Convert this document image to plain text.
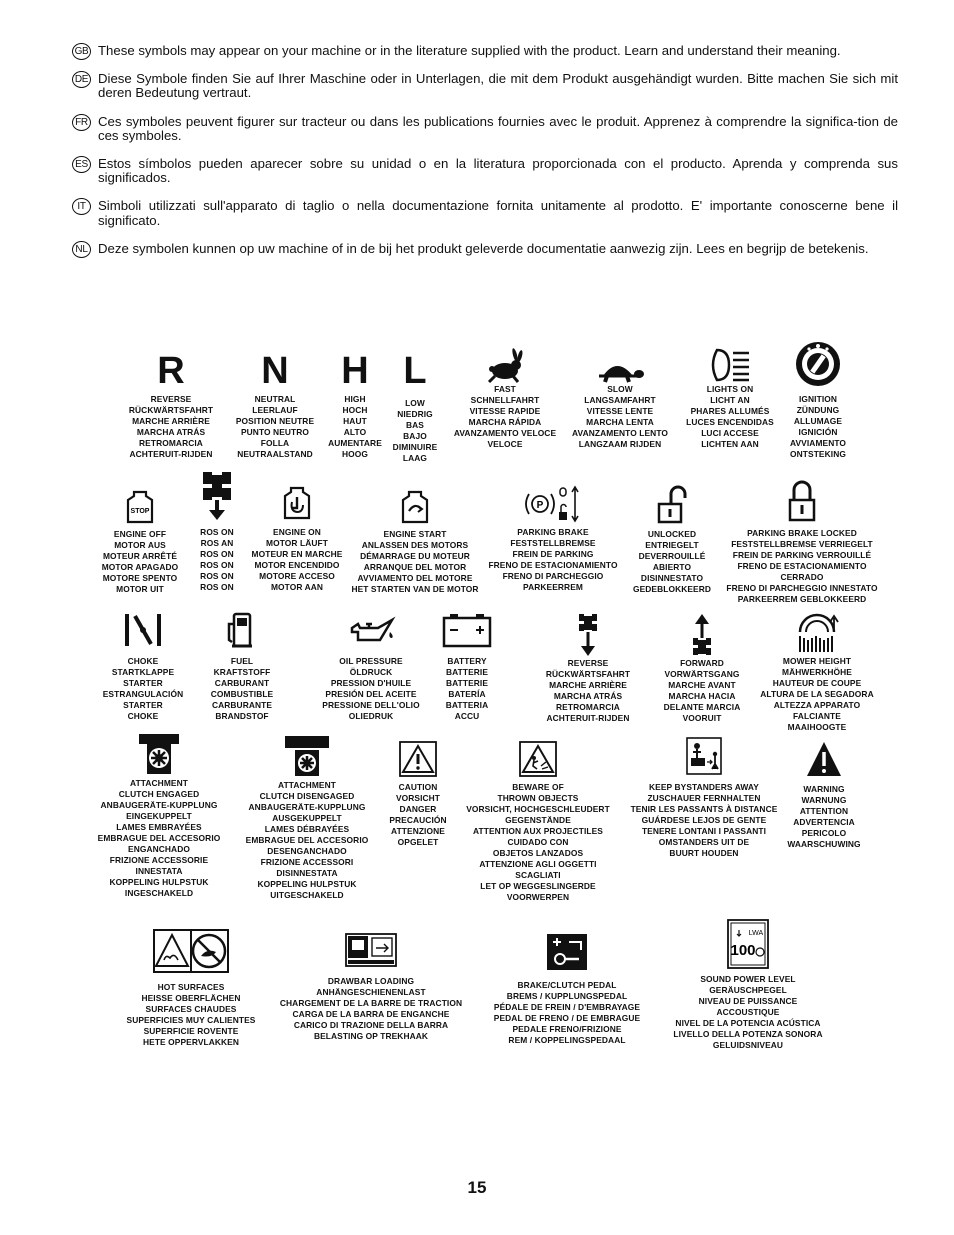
GB These symbols may appear on your machine or in the literature supplied with the product. Learn and understand their meaning.
DE Diese Symbole finden Sie auf Ihrer Maschine oder in Unterlagen, die mit dem Produkt ausgehändigt wurden. Bitte machen Sie sich mit deren Bedeutung vertraut.
FR Ces symboles peuvent figurer sur tracteur ou dans les publications fournies avec le produit. Apprenez à comprendre la significa-tion de ces symboles.
ES Estos símbolos pueden aparecer sobre su unidad o en la literatura proporcionada con el producto. Aprenda y comprenda sus significados.
IT Simboli utilizzati sull'apparato di taglio o nella documentazione fornita unitamente al prodotto. E' importante conoscerne bene il significato.
NL Deze symbolen kunnen op uw machine of in de bij het produkt geleverde documentatie aanwezig zijn. Lees en begrijp de betekenis.
R
REVERSE
RÜCKWÄRTSFAHRT
MARCHE ARRIÈRE
MARCHA ATRÁS
RETROMARCIA
ACHTERUIT-RIJDEN
N
NEUTRAL
LEERLAUF
POSITION NEUTRE
PUNTO NEUTRO
FOLLA
NEUTRAALSTAND
H
HIGH
HOCH
HAUT
ALTO
AUMENTARE
HOOG
L
LOW
NIEDRIG
BAS
BAJO
DIMINUIRE
LAAG
FAST
SCHNELLFAHRT
VITESSE RAPIDE
MARCHA RÁPIDA
AVANZAMENTO VELOCE
VELOCE
SLOW
LANGSAMFAHRT
VITESSE LENTE
MARCHA LENTA
AVANZAMENTO LENTO
LANGZAAM RIJDEN
LIGHTS ON
LICHT AN
PHARES ALLUMÉS
LUCES ENCENDIDAS
LUCI ACCESE
LICHTEN AAN
IGNITION
ZÜNDUNG
ALLUMAGE
IGNICIÓN
AVVIAMENTO
ONTSTEKING
STOP
ENGINE OFF
MOTOR AUS
MOTEUR ARRÊTÉ
MOTOR APAGADO
MOTORE SPENTO
MOTOR UIT
ROS ON
ROS AN
ROS ON
ROS ON
ROS ON
ROS ON
ENGINE ON
MOTOR LÄUFT
MOTEUR EN MARCHE
MOTOR ENCENDIDO
MOTORE ACCESO
MOTOR AAN
ENGINE START
ANLASSEN DES MOTORS
DÉMARRAGE DU MOTEUR
ARRANQUE DEL MOTOR
AVVIAMENTO DEL MOTORE
HET STARTEN VAN DE MOTOR
P
PARKING BRAKE
FESTSTELLBREMSE
FREIN DE PARKING
FRENO DE ESTACIONAMIENTO
FRENO DI PARCHEGGIO
PARKEERREM
UNLOCKED
ENTRIEGELT
DEVERROUILLÉ
ABIERTO
DISINNESTATO
GEDEBLOKKEERD
PARKING BRAKE LOCKED
FESTSTELLBREMSE VERRIEGELT
FREIN DE PARKING VERROUILLÉ
FRENO DE ESTACIONAMIENTO
CERRADO
FRENO DI PARCHEGGIO INNESTATO
PARKEERREM GEBLOKKEERD
CHOKE
STARTKLAPPE
STARTER
ESTRANGULACIÓN
STARTER
CHOKE
FUEL
KRAFTSTOFF
CARBURANT
COMBUSTIBLE
CARBURANTE
BRANDSTOF
OIL PRESSURE
ÖLDRUCK
PRESSION D'HUILE
PRESIÓN DEL ACEITE
PRESSIONE DELL'OLIO
OLIEDRUK
BATTERY
BATTERIE
BATTERIE
BATERÍA
BATTERIA
ACCU
REVERSE
RÜCKWÄRTSFAHRT
MARCHE ARRIÈRE
MARCHA ATRÁS
RETROMARCIA
ACHTERUIT-RIJDEN
FORWARD
VORWÄRTSGANG
MARCHE AVANT
MARCHA HACIA
DELANTE MARCIA
VOORUIT
MOWER HEIGHT
MÄHWERKHÖHE
HAUTEUR DE COUPE
ALTURA DE LA SEGADORA
ALTEZZA APPARATO
FALCIANTE
MAAIHOOGTE
ATTACHMENT
CLUTCH ENGAGED
ANBAUGERÄTE-KUPPLUNG
EINGEKUPPELT
LAMES EMBRAYÉES
EMBRAGUE DEL ACCESORIO
ENGANCHADO
FRIZIONE ACCESSORIE
INNESTATA
KOPPELING HULPSTUK
INGESCHAKELD
ATTACHMENT
CLUTCH DISENGAGED
ANBAUGERÄTE-KUPPLUNG
AUSGEKUPPELT
LAMES DÉBRAYÉES
EMBRAGUE DEL ACCESORIO
DESENGANCHADO
FRIZIONE ACCESSORI
DISINNESTATA
KOPPELING HULPSTUK
UITGESCHAKELD
CAUTION
VORSICHT
DANGER
PRECAUCIÓN
ATTENZIONE
OPGELET
BEWARE OF
THROWN OBJECTS
VORSICHT, HOCHGESCHLEUDERT
GEGENSTÄNDE
ATTENTION AUX PROJECTILES
CUIDADO CON
OBJETOS LANZADOS
ATTENZIONE AGLI OGGETTI
SCAGLIATI
LET OP WEGGESLINGERDE
VOORWERPEN
KEEP BYSTANDERS AWAY
ZUSCHAUER FERNHALTEN
TENIR LES PASSANTS À DISTANCE
GUÁRDESE LEJOS DE GENTE
TENERE LONTANI I PASSANTI
OMSTANDERS UIT DE
BUURT HOUDEN
WARNING
WARNUNG
ATTENTION
ADVERTENCIA
PERICOLO
WAARSCHUWING
HOT SURFACES
HEISSE OBERFLÄCHEN
SURFACES CHAUDES
SUPERFICIES MUY CALIENTES
SUPERFICIE ROVENTE
HETE OPPERVLAKKEN
DRAWBAR LOADING
ANHÄNGESCHIENENLAST
CHARGEMENT DE LA BARRE DE TRACTION
CARGA DE LA BARRA DE ENGANCHE
CARICO DI TRAZIONE DELLA BARRA
BELASTING OP TREKHAAK
BRAKE/CLUTCH PEDAL
BREMS / KUPPLUNGSPEDAL
PÉDALE DE FREIN / D'EMBRAYAGE
PEDAL DE FRENO / DE EMBRAGUE
PEDALE FRENO/FRIZIONE
REM / KOPPELINGSPEDAAL
LWA
100
SOUND POWER LEVEL
GERÄUSCHPEGEL
NIVEAU DE PUISSANCE ACCOUSTIQUE
NIVEL DE LA POTENCIA ACÚSTICA
LIVELLO DELLA POTENZA SONORA
GELUIDSNIVEAU
15
